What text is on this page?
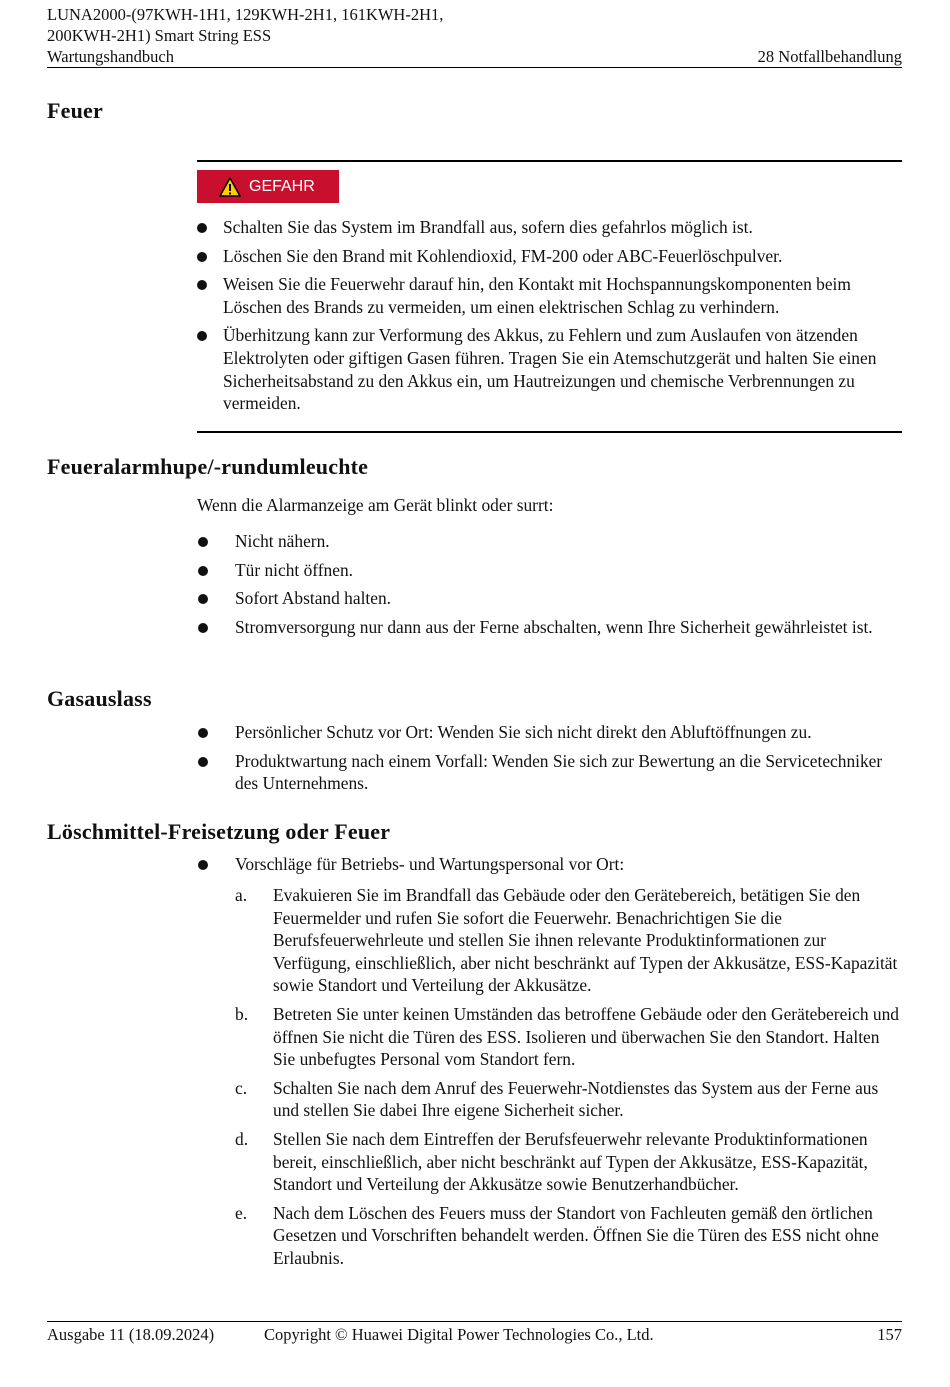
LUNA2000-(97KWH-1H1, 129KWH-2H1, 161KWH-2H1,
200KWH-2H1) Smart String ESS
Wartungshandbuch	28 Notfallbehandlung
Feuer
GEFAHR
Schalten Sie das System im Brandfall aus, sofern dies gefahrlos möglich ist.
Löschen Sie den Brand mit Kohlendioxid, FM-200 oder ABC-Feuerlöschpulver.
Weisen Sie die Feuerwehr darauf hin, den Kontakt mit Hochspannungskomponenten beim Löschen des Brands zu vermeiden, um einen elektrischen Schlag zu verhindern.
Überhitzung kann zur Verformung des Akkus, zu Fehlern und zum Auslaufen von ätzenden Elektrolyten oder giftigen Gasen führen. Tragen Sie ein Atemschutzgerät und halten Sie einen Sicherheitsabstand zu den Akkus ein, um Hautreizungen und chemische Verbrennungen zu vermeiden.
Feueralarmhupe/-rundumleuchte
Wenn die Alarmanzeige am Gerät blinkt oder surrt:
Nicht nähern.
Tür nicht öffnen.
Sofort Abstand halten.
Stromversorgung nur dann aus der Ferne abschalten, wenn Ihre Sicherheit gewährleistet ist.
Gasauslass
Persönlicher Schutz vor Ort: Wenden Sie sich nicht direkt den Abluftöffnungen zu.
Produktwartung nach einem Vorfall: Wenden Sie sich zur Bewertung an die Servicetechniker des Unternehmens.
Löschmittel-Freisetzung oder Feuer
Vorschläge für Betriebs- und Wartungspersonal vor Ort:
a. Evakuieren Sie im Brandfall das Gebäude oder den Gerätebereich, betätigen Sie den Feuermelder und rufen Sie sofort die Feuerwehr. Benachrichtigen Sie die Berufsfeuerwehrleute und stellen Sie ihnen relevante Produktinformationen zur Verfügung, einschließlich, aber nicht beschränkt auf Typen der Akkusätze, ESS-Kapazität sowie Standort und Verteilung der Akkusätze.
b. Betreten Sie unter keinen Umständen das betroffene Gebäude oder den Gerätebereich und öffnen Sie nicht die Türen des ESS. Isolieren und überwachen Sie den Standort. Halten Sie unbefugtes Personal vom Standort fern.
c. Schalten Sie nach dem Anruf des Feuerwehr-Notdienstes das System aus der Ferne aus und stellen Sie dabei Ihre eigene Sicherheit sicher.
d. Stellen Sie nach dem Eintreffen der Berufsfeuerwehr relevante Produktinformationen bereit, einschließlich, aber nicht beschränkt auf Typen der Akkusätze, ESS-Kapazität, Standort und Verteilung der Akkusätze sowie Benutzerhandbücher.
e. Nach dem Löschen des Feuers muss der Standort von Fachleuten gemäß den örtlichen Gesetzen und Vorschriften behandelt werden. Öffnen Sie die Türen des ESS nicht ohne Erlaubnis.
Ausgabe 11 (18.09.2024)	Copyright © Huawei Digital Power Technologies Co., Ltd.	157
